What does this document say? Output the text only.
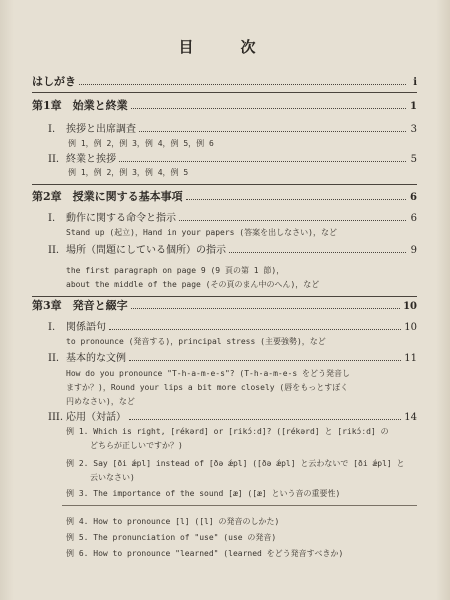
目　次
はしがき	i
第1章　始業と終業	1
I.	挨拶と出席調査	3
例 1，例 2，例 3，例 4，例 5，例 6
II. 終業と挨拶	5
例 1，例 2，例 3，例 4，例 5
第2章　授業に関する基本事項	6
I.	動作に関する命令と指示	6
Stand up (起立)，Hand in your papers (答案を出しなさい)，など
II. 場所（問題にしている個所）の指示	9
the first paragraph on page 9 (9 頁の第 1 節)，
about the middle of the page (その頁のまん中のへん)，など
第3章　発音と綴字	10
I.	関係語句	10
to pronounce (発音する)，principal stress (主要強勢)，など
II. 基本的な文例	11
How do you pronounce "T-h-a-m-e-s"? (T-h-a-m-e-s をどう発音し
ますか？)，Round your lips a bit more closely (唇をもっとすぼく
円めなさい)，など
III. 応用（対話）	14
例 1. Which is right, [rékərd] or [rikɔ́ːd]? ([rékərd] と [rikɔ́ːd] の
どちらが正しいですか？)
例 2. Say [ði ǽpl] instead of [ðə ǽpl] ([ðə ǽpl] と云わないで [ði ǽpl] と
云いなさい)
例 3. The importance of the sound [æ] ([æ] という音の重要性)
例 4. How to pronounce [l] ([l] の発音のしかた)
例 5. The pronunciation of "use" (use の発音)
例 6. How to pronounce "learned" (learned をどう発音すべきか)
